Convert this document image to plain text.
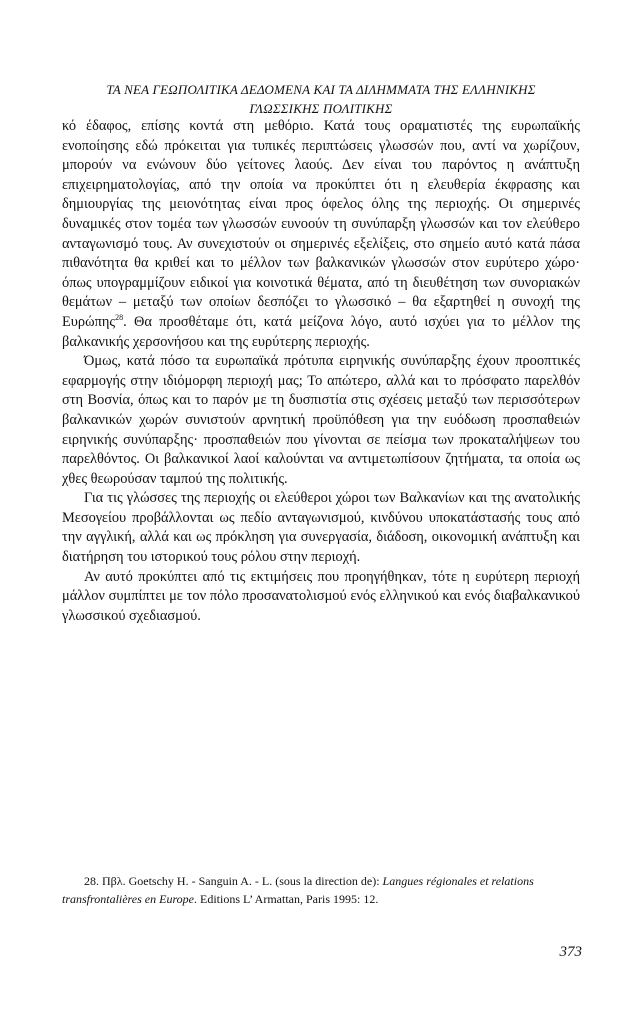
ΤΑ ΝΕΑ ΓΕΩΠΟΛΙΤΙΚΑ ΔΕΔΟΜΕΝΑ ΚΑΙ ΤΑ ΔΙΛΗΜΜΑΤΑ ΤΗΣ ΕΛΛΗΝΙΚΗΣ
ΓΛΩΣΣΙΚΗΣ ΠΟΛΙΤΙΚΗΣ

κό έδαφος, επίσης κοντά στη μεθόριο. Κατά τους οραματιστές της ευρωπαϊκής ενοποίησης εδώ πρόκειται για τυπικές περιπτώσεις γλωσσών που, αντί να χωρίζουν, μπορούν να ενώνουν δύο γείτονες λαούς. Δεν είναι του παρόντος η ανάπτυξη επιχειρηματολογίας, από την οποία να προκύπτει ότι η ελευθερία έκφρασης και δημιουργίας της μειονότητας είναι προς όφελος όλης της περιοχής. Οι σημερινές δυναμικές στον τομέα των γλωσσών ευνοούν τη συνύπαρξη γλωσσών και τον ελεύθερο ανταγωνισμό τους. Αν συνεχιστούν οι σημερινές εξελίξεις, στο σημείο αυτό κατά πάσα πιθανότητα θα κριθεί και το μέλλον των βαλκανικών γλωσσών στον ευρύτερο χώρο· όπως υπογραμμίζουν ειδικοί για κοινοτικά θέματα, από τη διευθέτηση των συνοριακών θεμάτων – μεταξύ των οποίων δεσπόζει το γλωσσικό – θα εξαρτηθεί η συνοχή της Ευρώπης$^{28}$. Θα προσθέταμε ότι, κατά μείζονα λόγο, αυτό ισχύει για το μέλλον της βαλκανικής χερσονήσου και της ευρύτερης περιοχής.

Όμως, κατά πόσο τα ευρωπαϊκά πρότυπα ειρηνικής συνύπαρξης έχουν προοπτικές εφαρμογής στην ιδιόμορφη περιοχή μας; Το απώτερο, αλλά και το πρόσφατο παρελθόν στη Βοσνία, όπως και το παρόν με τη δυσπιστία στις σχέσεις μεταξύ των περισσότερων βαλκανικών χωρών συνιστούν αρνητική προϋπόθεση για την ευόδωση προσπαθειών ειρηνικής συνύπαρξης· προσπαθειών που γίνονται σε πείσμα των προκαταλήψεων του παρελθόντος. Οι βαλκανικοί λαοί καλούνται να αντιμετωπίσουν ζητήματα, τα οποία ως χθες θεωρούσαν ταμπού της πολιτικής.

Για τις γλώσσες της περιοχής οι ελεύθεροι χώροι των Βαλκανίων και της ανατολικής Μεσογείου προβάλλονται ως πεδίο ανταγωνισμού, κινδύνου υποκατάστασής τους από την αγγλική, αλλά και ως πρόκληση για συνεργασία, διάδοση, οικονομική ανάπτυξη και διατήρηση του ιστορικού τους ρόλου στην περιοχή.

Αν αυτό προκύπτει από τις εκτιμήσεις που προηγήθηκαν, τότε η ευρύτερη περιοχή μάλλον συμπίπτει με τον πόλο προσανατολισμού ενός ελληνικού και ενός διαβαλκανικού γλωσσικού σχεδιασμού.

28. Πβλ. Goetschy H. - Sanguin A. - L. (sous la direction de): Langues régionales et relations transfrontalières en Europe. Editions L’ Armattan, Paris 1995: 12.
373
